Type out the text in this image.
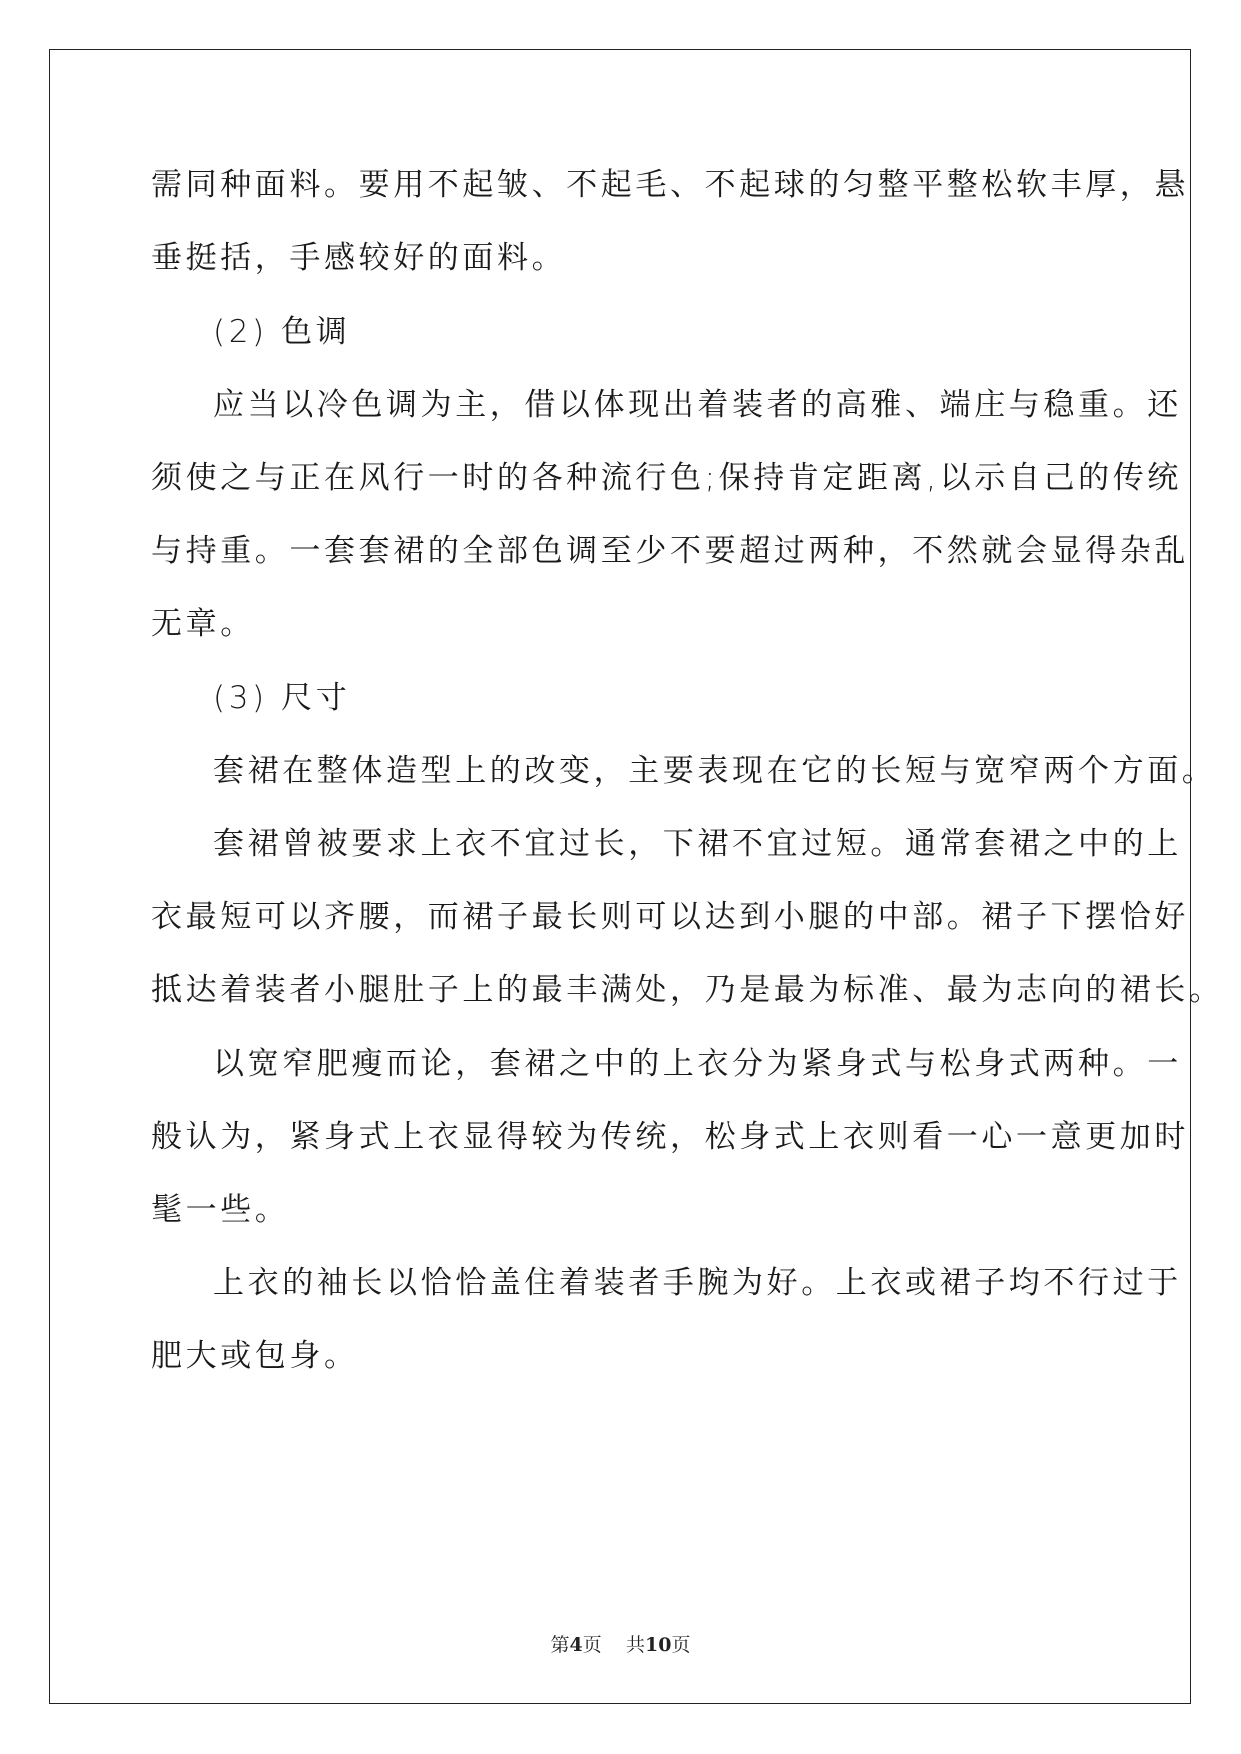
需同种面料。要用不起皱、不起毛、不起球的匀整平整松软丰厚，悬
垂挺括，手感较好的面料。
(2) 色调
应当以冷色调为主，借以体现出着装者的高雅、端庄与稳重。还
须使之与正在风行一时的各种流行色;保持肯定距离,以示自己的传统
与持重。一套套裙的全部色调至少不要超过两种，不然就会显得杂乱
无章。
(3) 尺寸
套裙在整体造型上的改变，主要表现在它的长短与宽窄两个方面。
套裙曾被要求上衣不宜过长，下裙不宜过短。通常套裙之中的上
衣最短可以齐腰，而裙子最长则可以达到小腿的中部。裙子下摆恰好
抵达着装者小腿肚子上的最丰满处，乃是最为标准、最为志向的裙长。
以宽窄肥瘦而论，套裙之中的上衣分为紧身式与松身式两种。一
般认为，紧身式上衣显得较为传统，松身式上衣则看一心一意更加时
髦一些。
上衣的袖长以恰恰盖住着装者手腕为好。上衣或裙子均不行过于
肥大或包身。
第4页 共10页
